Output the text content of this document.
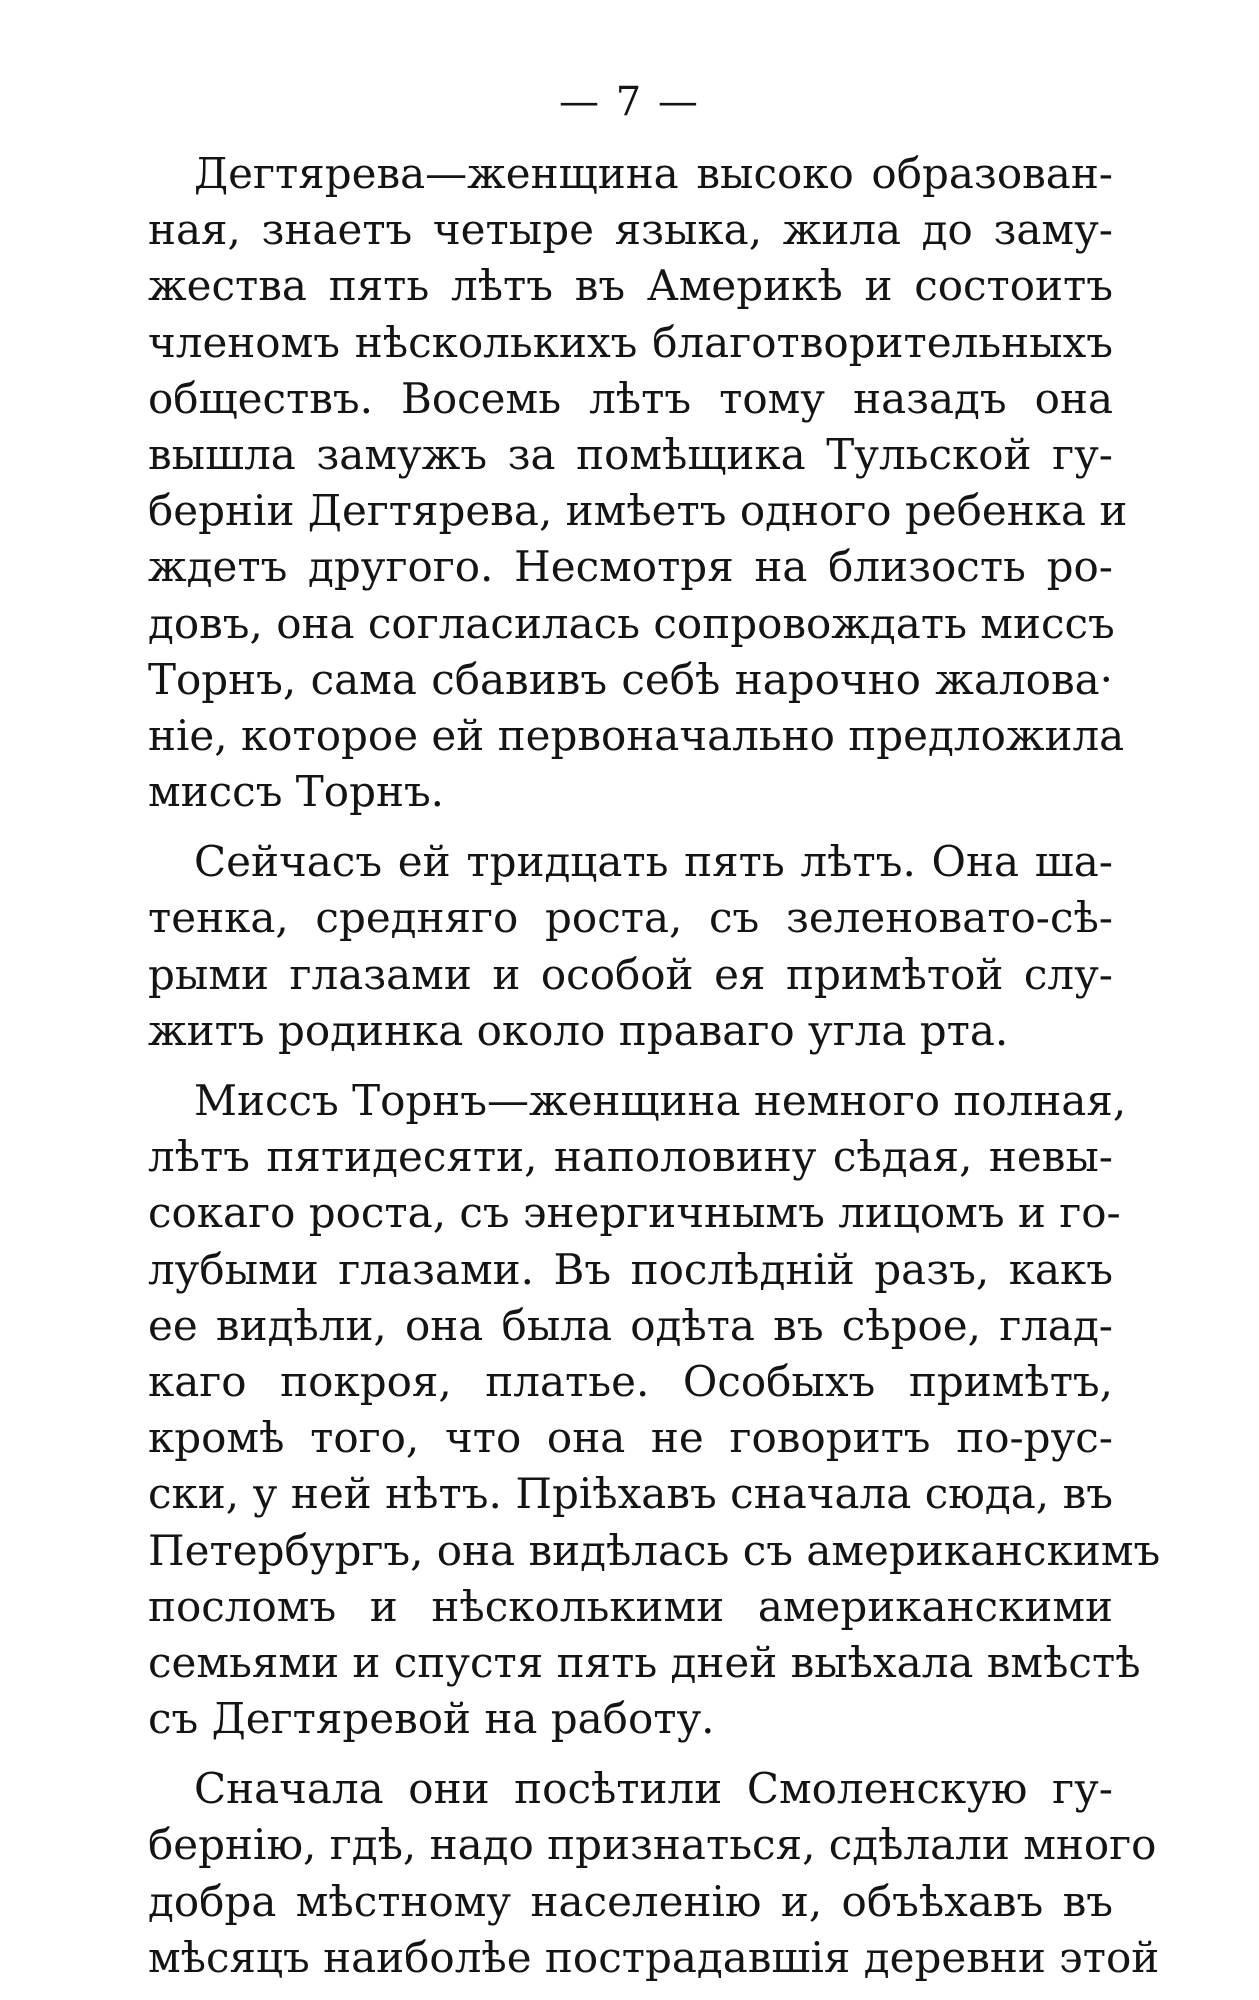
— 7 —
Дегтярева—женщина высоко образован-
ная, знаетъ четыре языка, жила до заму-
жества пять лѣтъ въ Америкѣ и состоитъ
членомъ нѣсколькихъ благотворительныхъ
обществъ. Восемь лѣтъ тому назадъ она
вышла замужъ за помѣщика Тульской гу-
берніи Дегтярева, имѣетъ одного ребенка и
ждетъ другого. Несмотря на близость ро-
довъ, она согласилась сопровождать миссъ
Торнъ, сама сбавивъ себѣ нарочно жалова·
ніе, которое ей первоначально предложила
миссъ Торнъ.
Сейчасъ ей тридцать пять лѣтъ. Она ша-
тенка, средняго роста, съ зеленовато-сѣ-
рыми глазами и особой ея примѣтой слу-
житъ родинка около праваго угла рта.
Миссъ Торнъ—женщина немного полная,
лѣтъ пятидесяти, наполовину сѣдая, невы-
сокаго роста, съ энергичнымъ лицомъ и го-
лубыми глазами. Въ послѣдній разъ, какъ
ее видѣли, она была одѣта въ сѣрое, глад-
каго покроя, платье. Особыхъ примѣтъ,
кромѣ того, что она не говоритъ по-рус-
ски, у ней нѣтъ. Пріѣхавъ сначала сюда, въ
Петербургъ, она видѣлась съ американскимъ
посломъ и нѣсколькими американскими
семьями и спустя пять дней выѣхала вмѣстѣ
съ Дегтяревой на работу.
Сначала они посѣтили Смоленскую гу-
бернію, гдѣ, надо признаться, сдѣлали много
добра мѣстному населенію и, объѣхавъ въ
мѣсяцъ наиболѣе пострадавшія деревни этой
